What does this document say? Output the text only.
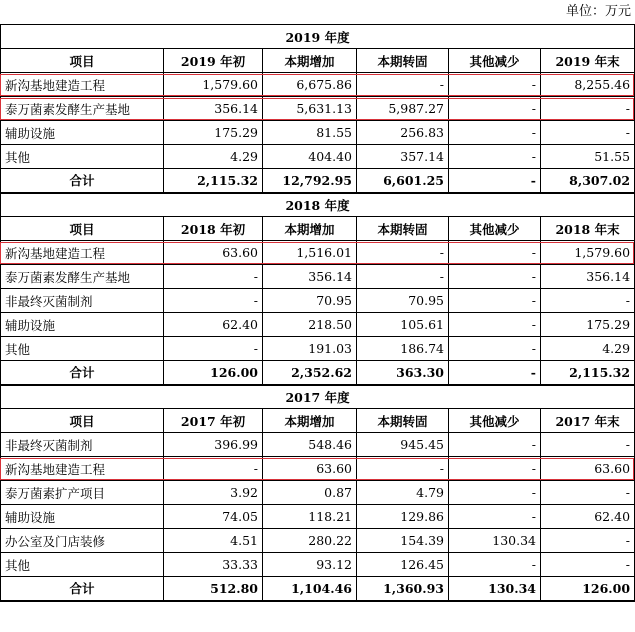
单位：万元
2019 年度					
项目	2019 年初	本期增加	本期转固	其他减少	2019 年末
新沟基地建造工程	1,579.60	6,675.86	-	-	8,255.46
泰万菌素发酵生产基地	356.14	5,631.13	5,987.27	-	-
辅助设施	175.29	81.55	256.83	-	-
其他	4.29	404.40	357.14	-	51.55
合计	2,115.32	12,792.95	6,601.25	-	8,307.02
2018 年度					
项目	2018 年初	本期增加	本期转固	其他减少	2018 年末
新沟基地建造工程	63.60	1,516.01	-	-	1,579.60
泰万菌素发酵生产基地	-	356.14	-	-	356.14
非最终灭菌制剂	-	70.95	70.95	-	-
辅助设施	62.40	218.50	105.61	-	175.29
其他	-	191.03	186.74	-	4.29
合计	126.00	2,352.62	363.30	-	2,115.32
2017 年度					
项目	2017 年初	本期增加	本期转固	其他减少	2017 年末
非最终灭菌制剂	396.99	548.46	945.45	-	-
新沟基地建造工程	-	63.60	-	-	63.60
泰万菌素扩产项目	3.92	0.87	4.79	-	-
辅助设施	74.05	118.21	129.86	-	62.40
办公室及门店装修	4.51	280.22	154.39	130.34	-
其他	33.33	93.12	126.45	-	-
合计	512.80	1,104.46	1,360.93	130.34	126.00
